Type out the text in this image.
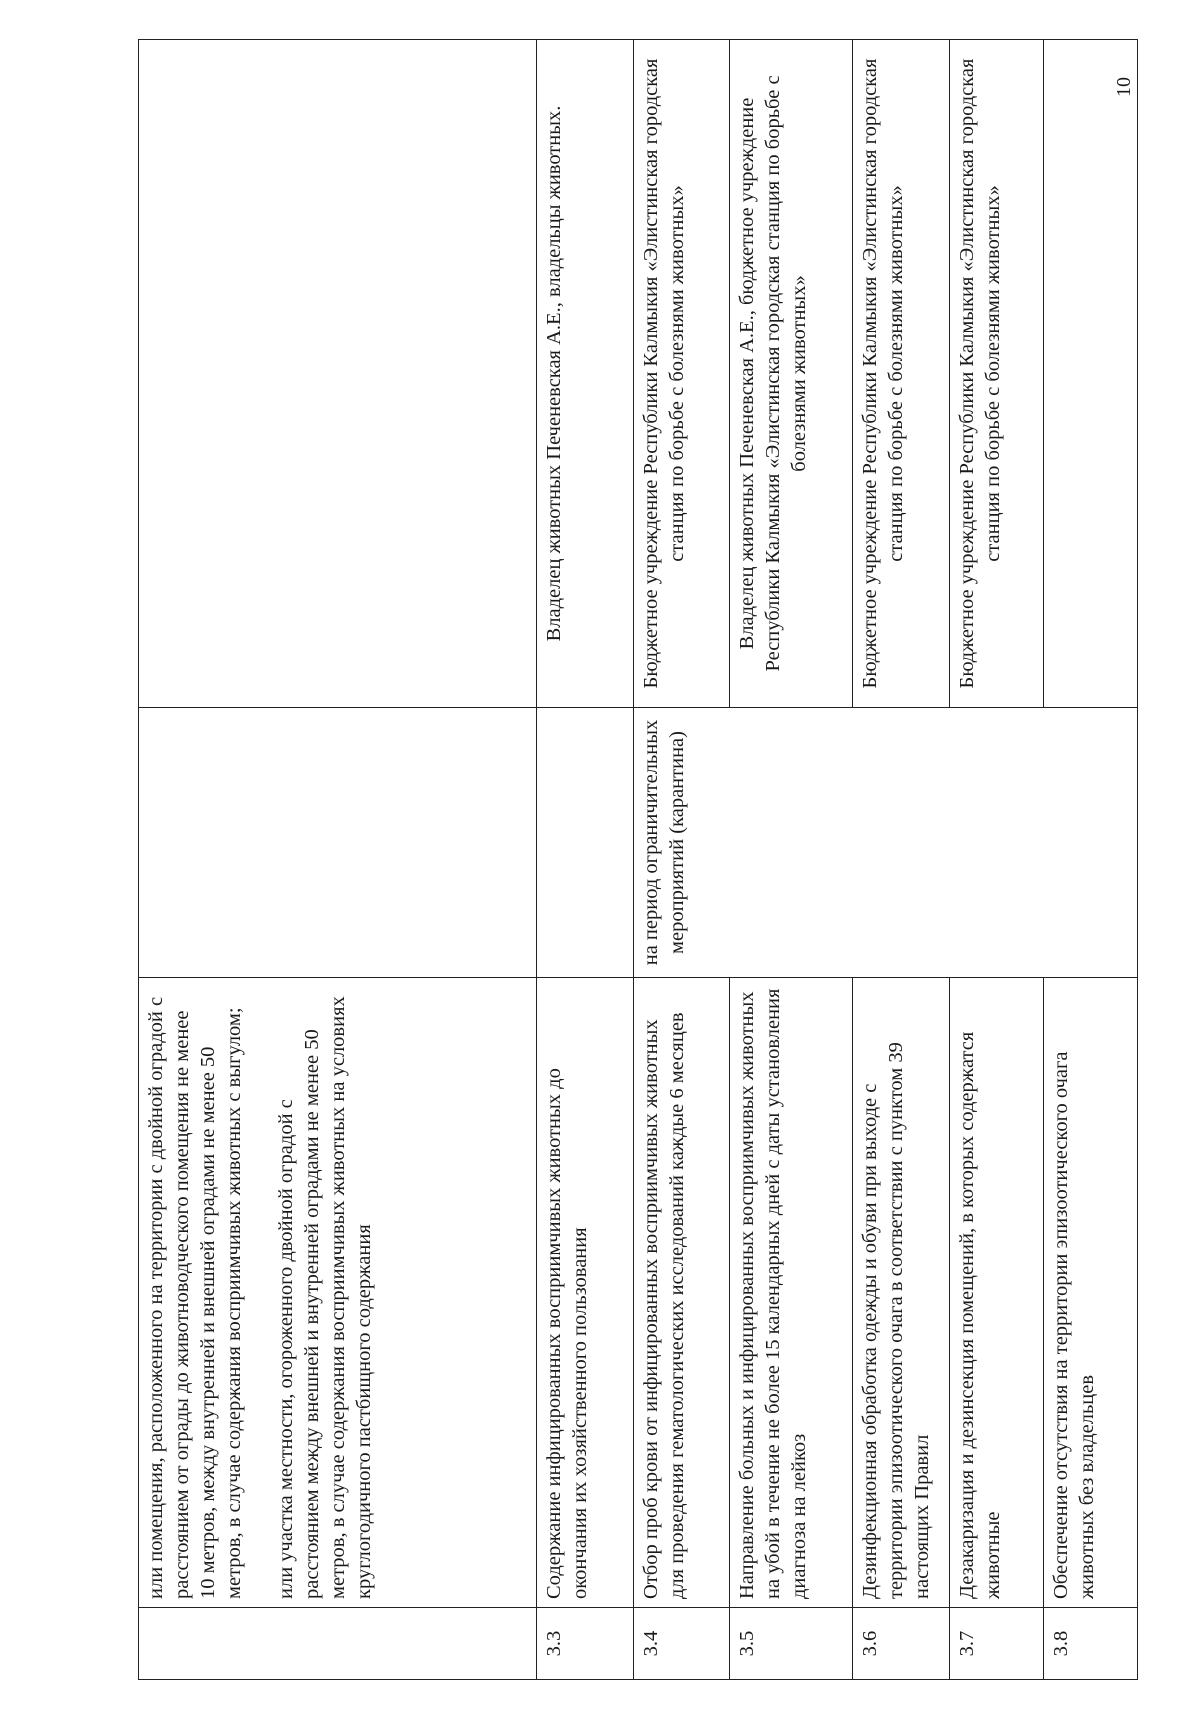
10
	или помещения, расположенного на территории с двойной оградой с расстоянием от ограды до животноводческого помещения не менее 10 метров, между внутренней и внешней оградами не менее 50 метров, в случае содержания восприимчивых животных с выгулом; или участка местности, огороженного двойной оградой с расстоянием между внешней и внутренней оградами не менее 50 метров, в случае содержания восприимчивых животных на условиях круглогодичного пастбищного содержания		
3.3	Содержание инфицированных восприимчивых животных до окончания их хозяйственного пользования		Владелец животных Печеневская А.Е., владельцы животных.
3.4	Отбор проб крови от инфицированных восприимчивых животных для проведения гематологических исследований каждые 6 месяцев	на период ограничительных мероприятий (карантина)	Бюджетное учреждение Республики Калмыкия «Элистинская городская станция по борьбе с болезнями животных»
3.5	Направление больных и инфицированных восприимчивых животных на убой в течение не более 15 календарных дней с даты установления диагноза на лейкоз		Владелец животных Печеневская А.Е., бюджетное учреждение Республики Калмыкия «Элистинская городская станция по борьбе с болезнями животных»
3.6	Дезинфекционная обработка одежды и обуви при выходе с территории эпизоотического очага в соответствии с пунктом 39 настоящих Правил		Бюджетное учреждение Республики Калмыкия «Элистинская городская станция по борьбе с болезнями животных»
3.7	Дезакаризация и дезинсекция помещений, в которых содержатся животные		Бюджетное учреждение Республики Калмыкия «Элистинская городская станция по борьбе с болезнями животных»
3.8	Обеспечение отсутствия на территории эпизоотического очага животных без владельцев		
